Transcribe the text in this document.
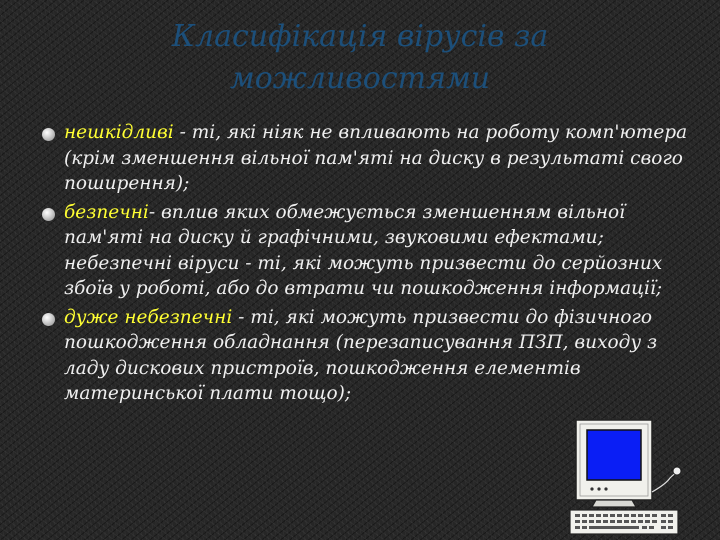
Класифікація вірусів за
можливостями
нешкідливі - ті, які ніяк не впливають на роботу комп'ютера (крім зменшення вільної пам'яті на диску в результаті свого поширення);
безпечні- вплив яких обмежується зменшенням вільної пам'яті на диску й графічними, звуковими ефектами; небезпечні віруси - ті, які можуть призвести до серйозних збоїв у роботі, або до втрати чи пошкодження інформації;
дуже небезпечні - ті, які можуть призвести до фізичного пошкодження обладнання (перезаписування ПЗП, виходу з ладу дискових пристроїв, пошкодження елементів материнської плати тощо);
